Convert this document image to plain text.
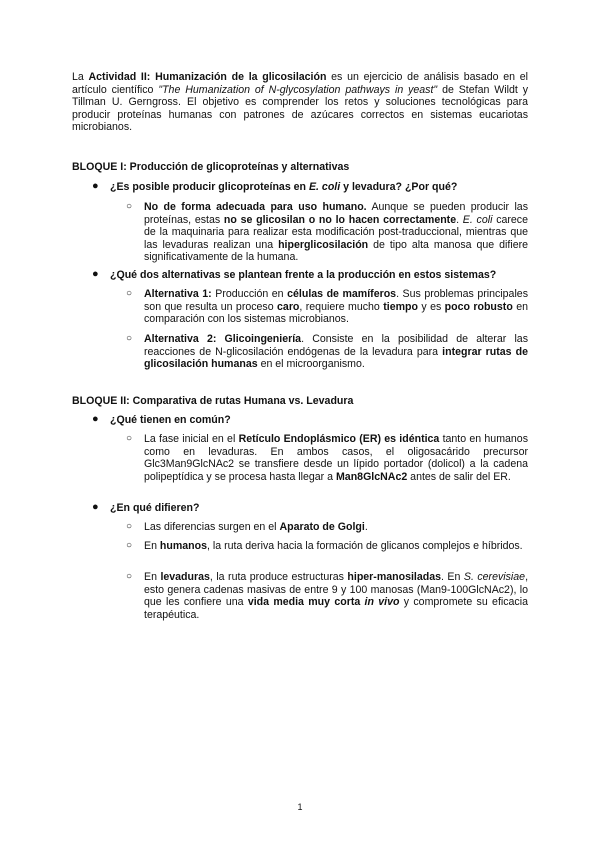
La Actividad II: Humanización de la glicosilación es un ejercicio de análisis basado en el artículo científico "The Humanization of N-glycosylation pathways in yeast" de Stefan Wildt y Tillman U. Gerngross. El objetivo es comprender los retos y soluciones tecnológicas para producir proteínas humanas con patrones de azúcares correctos en sistemas eucariotas microbianos.
BLOQUE I: Producción de glicoproteínas y alternativas
● ¿Es posible producir glicoproteínas en E. coli y levadura? ¿Por qué?
○ No de forma adecuada para uso humano. Aunque se pueden producir las proteínas, estas no se glicosilan o no lo hacen correctamente. E. coli carece de la maquinaria para realizar esta modificación post-traduccional, mientras que las levaduras realizan una hiperglicosilación de tipo alta manosa que difiere significativamente de la humana.
● ¿Qué dos alternativas se plantean frente a la producción en estos sistemas?
○ Alternativa 1: Producción en células de mamíferos. Sus problemas principales son que resulta un proceso caro, requiere mucho tiempo y es poco robusto en comparación con los sistemas microbianos.
○ Alternativa 2: Glicoingeniería. Consiste en la posibilidad de alterar las reacciones de N-glicosilación endógenas de la levadura para integrar rutas de glicosilación humanas en el microorganismo.
BLOQUE II: Comparativa de rutas Humana vs. Levadura
● ¿Qué tienen en común?
○ La fase inicial en el Retículo Endoplásmico (ER) es idéntica tanto en humanos como en levaduras. En ambos casos, el oligosacárido precursor Glc3Man9GlcNAc2 se transfiere desde un lípido portador (dolicol) a la cadena polipeptídica y se procesa hasta llegar a Man8GlcNAc2 antes de salir del ER.
● ¿En qué difieren?
○ Las diferencias surgen en el Aparato de Golgi.
○ En humanos, la ruta deriva hacia la formación de glicanos complejos e híbridos.
○ En levaduras, la ruta produce estructuras hiper-manosiladas. En S. cerevisiae, esto genera cadenas masivas de entre 9 y 100 manosas (Man9-100GlcNAc2), lo que les confiere una vida media muy corta in vivo y compromete su eficacia terapéutica.
1
